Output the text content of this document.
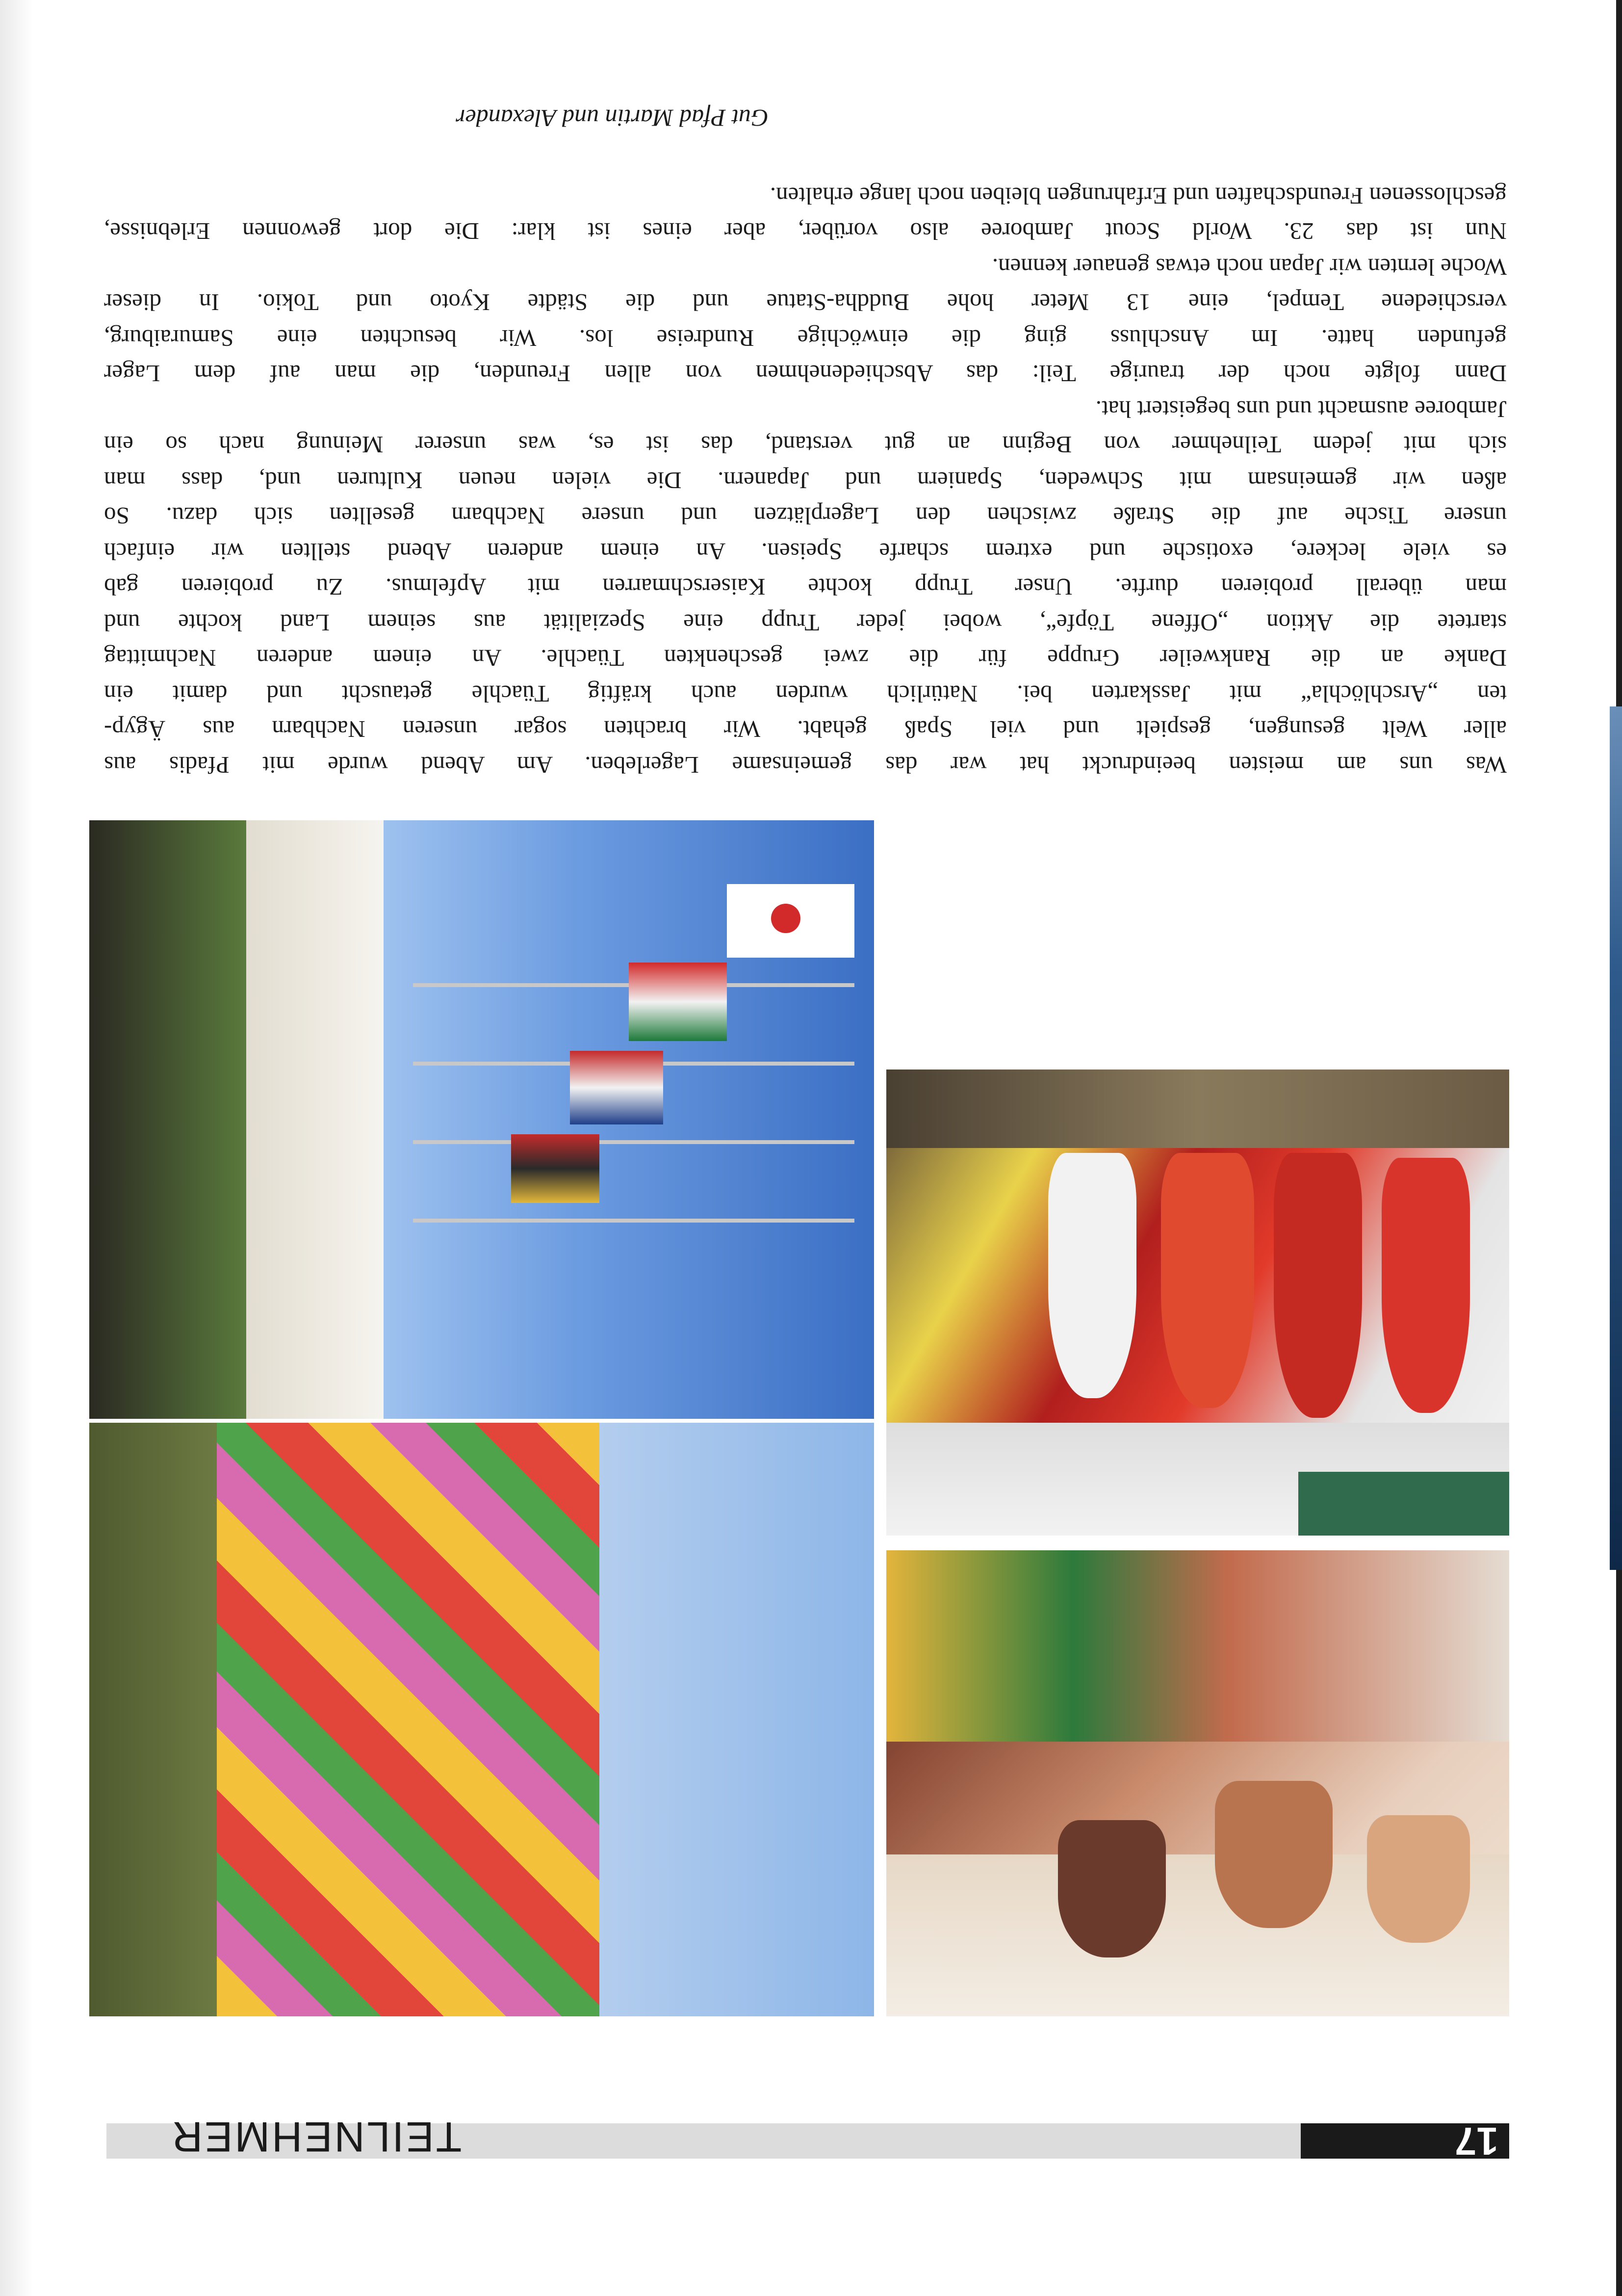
17
TEILNEHMER

Was uns am meisten beeindruckt hat war das gemeinsame Lagerleben. Am Abend wurde mit Pfadis aus

aller Welt gesungen, gespielt und viel Spaß gehabt. Wir brachten sogar unseren Nachbarn aus Ägyp-

ten „Arschlöchla“ mit Jasskarten bei. Natürlich wurden auch kräftig Tüachle getauscht und damit ein

Danke an die Rankweiler Gruppe für die zwei geschenkten Tüachle. An einem anderen Nachmittag

startete die Aktion „Offene Töpfe“, wobei jeder Trupp eine Spezialität aus seinem Land kochte und

man überall probieren durfte. Unser Trupp kochte Kaiserschmarren mit Apfelmus. Zu probieren gab

es viele leckere, exotische und extrem scharfe Speisen. An einem anderen Abend stellten wir einfach

unsere Tische auf die Straße zwischen den Lagerplätzen und unsere Nachbarn gesellten sich dazu. So

aßen wir gemeinsam mit Schweden, Spaniern und Japanern. Die vielen neuen Kulturen und, dass man

sich mit jedem Teilnehmer von Beginn an gut verstand, das ist es, was unserer Meinung nach so ein

Jamboree ausmacht und uns begeistert hat.

Dann folgte noch der traurige Teil: das Abschiedenehmen von allen Freunden, die man auf dem Lager

gefunden hatte. Im Anschluss ging die einwöchige Rundreise los. Wir besuchten eine Samuraiburg,

verschiedene Tempel, eine 13 Meter hohe Buddha-Statue und die Städte Kyoto und Tokio. In dieser

Woche lernten wir Japan noch etwas genauer kennen.

Nun ist das 23. World Scout Jamboree also vorüber, aber eines ist klar: Die dort gewonnen Erlebnisse,

geschlossenen Freundschaften und Erfahrungen bleiben noch lange erhalten.

Gut Pfad Martin und Alexander
